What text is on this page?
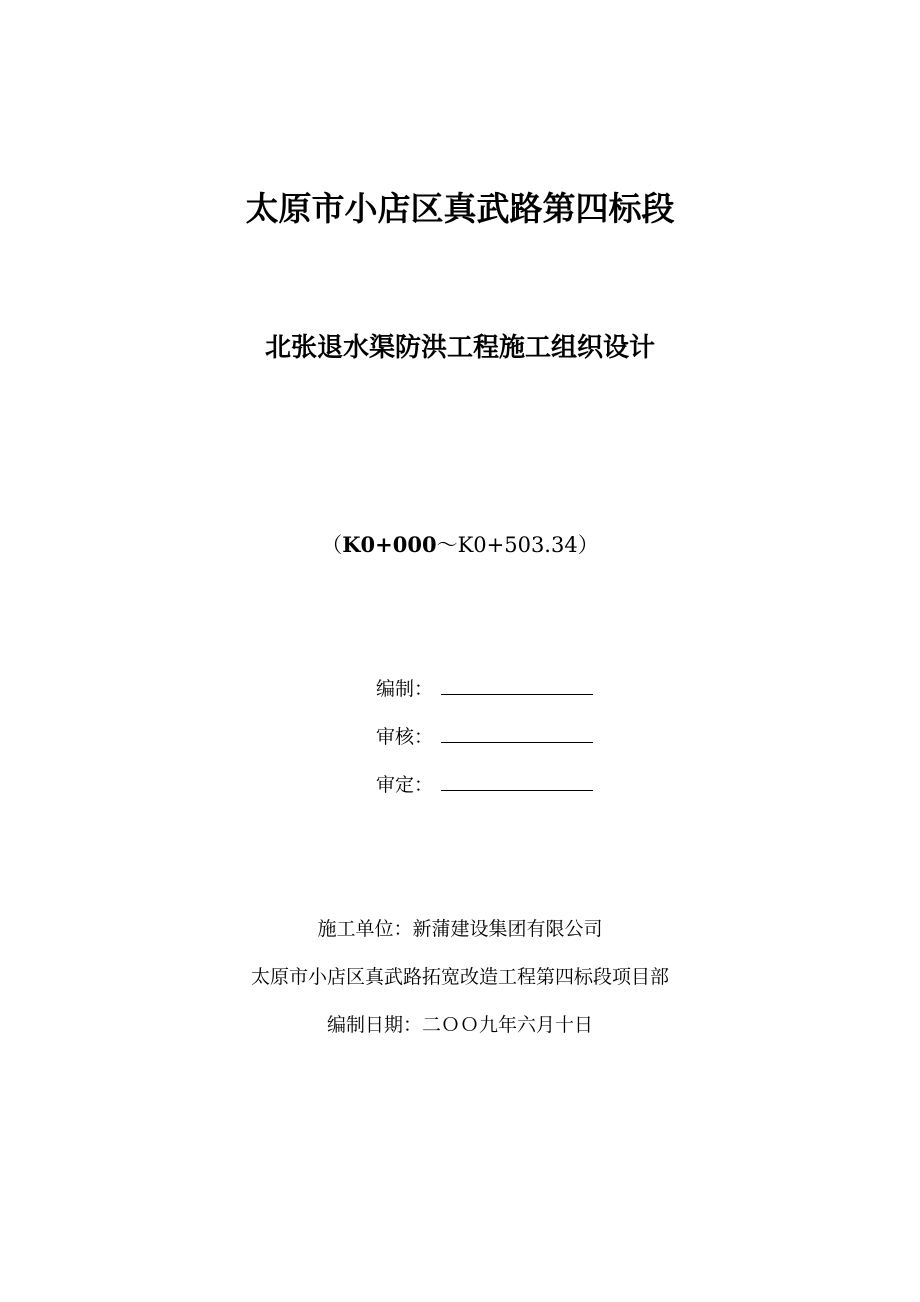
太原市小店区真武路第四标段
北张退水渠防洪工程施工组织设计
（K0+000～K0+503.34）
编制：
审核：
审定：
施工单位：新蒲建设集团有限公司
太原市小店区真武路拓宽改造工程第四标段项目部
编制日期：二ＯＯ九年六月十日
